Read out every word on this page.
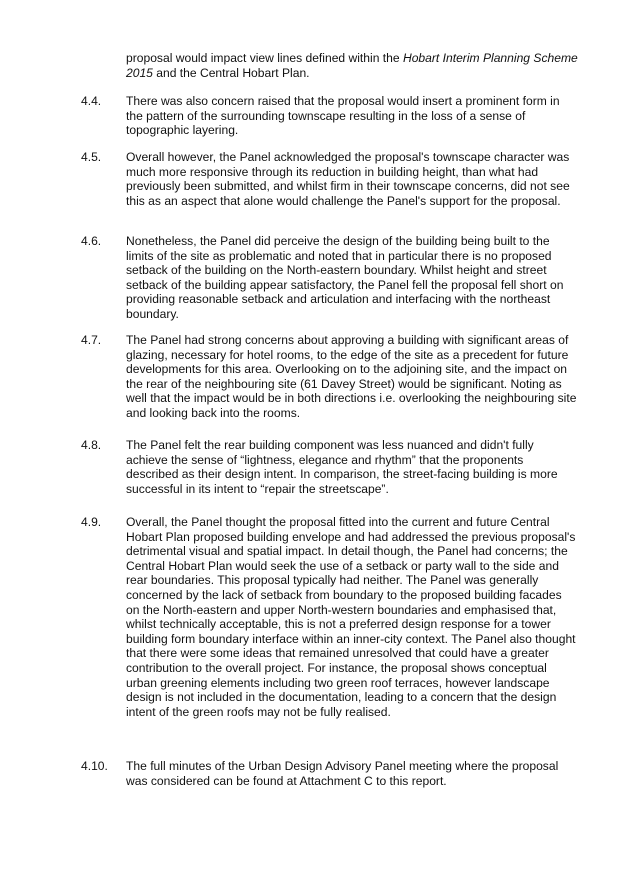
proposal would impact view lines defined within the Hobart Interim Planning Scheme 2015 and the Central Hobart Plan.

4.4. There was also concern raised that the proposal would insert a prominent form in the pattern of the surrounding townscape resulting in the loss of a sense of topographic layering.

4.5. Overall however, the Panel acknowledged the proposal's townscape character was much more responsive through its reduction in building height, than what had previously been submitted, and whilst firm in their townscape concerns, did not see this as an aspect that alone would challenge the Panel's support for the proposal.

4.6. Nonetheless, the Panel did perceive the design of the building being built to the limits of the site as problematic and noted that in particular there is no proposed setback of the building on the North-eastern boundary. Whilst height and street setback of the building appear satisfactory, the Panel fell the proposal fell short on providing reasonable setback and articulation and interfacing with the northeast boundary.

4.7. The Panel had strong concerns about approving a building with significant areas of glazing, necessary for hotel rooms, to the edge of the site as a precedent for future developments for this area. Overlooking on to the adjoining site, and the impact on the rear of the neighbouring site (61 Davey Street) would be significant. Noting as well that the impact would be in both directions i.e. overlooking the neighbouring site and looking back into the rooms.

4.8. The Panel felt the rear building component was less nuanced and didn't fully achieve the sense of “lightness, elegance and rhythm” that the proponents described as their design intent. In comparison, the street-facing building is more successful in its intent to “repair the streetscape”.

4.9. Overall, the Panel thought the proposal fitted into the current and future Central Hobart Plan proposed building envelope and had addressed the previous proposal's detrimental visual and spatial impact. In detail though, the Panel had concerns; the Central Hobart Plan would seek the use of a setback or party wall to the side and rear boundaries. This proposal typically had neither. The Panel was generally concerned by the lack of setback from boundary to the proposed building facades on the North-eastern and upper North-western boundaries and emphasised that, whilst technically acceptable, this is not a preferred design response for a tower building form boundary interface within an inner-city context. The Panel also thought that there were some ideas that remained unresolved that could have a greater contribution to the overall project. For instance, the proposal shows conceptual urban greening elements including two green roof terraces, however landscape design is not included in the documentation, leading to a concern that the design intent of the green roofs may not be fully realised.

4.10. The full minutes of the Urban Design Advisory Panel meeting where the proposal was considered can be found at Attachment C to this report.
